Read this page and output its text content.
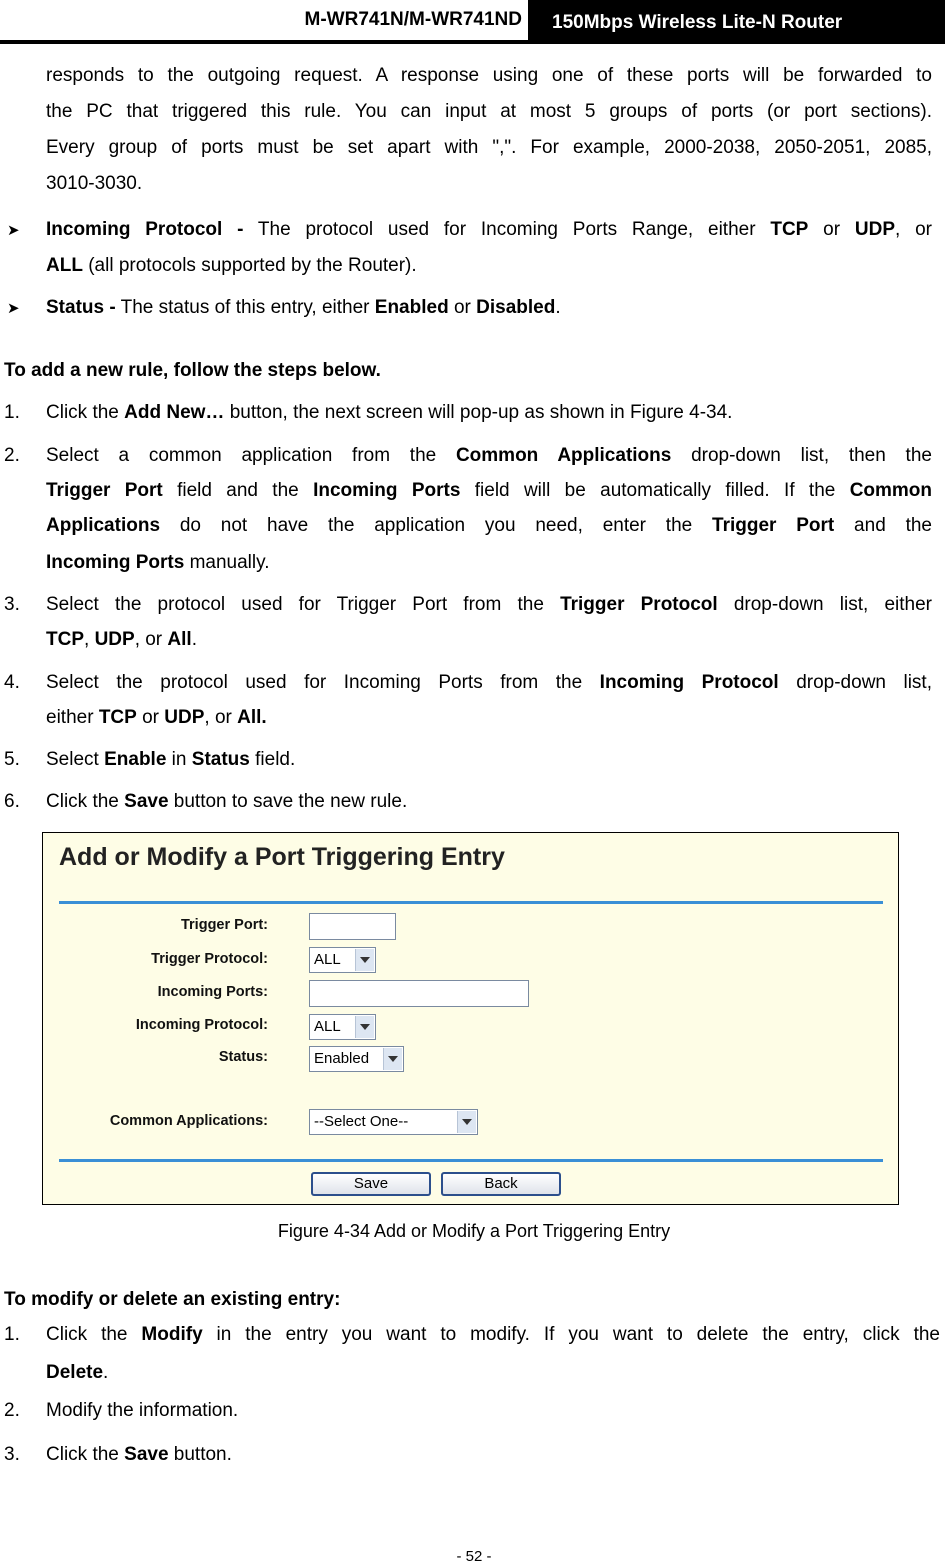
M-WR741N/M-WR741ND 150Mbps Wireless Lite-N Router
responds to the outgoing request. A response using one of these ports will be forwarded to
the PC that triggered this rule. You can input at most 5 groups of ports (or port sections).
Every group of ports must be set apart with ",". For example, 2000-2038, 2050-2051, 2085,
3010-3030.
➤ Incoming Protocol - The protocol used for Incoming Ports Range, either TCP or UDP, or
ALL (all protocols supported by the Router).
➤ Status - The status of this entry, either Enabled or Disabled.
To add a new rule, follow the steps below.
1. Click the Add New… button, the next screen will pop-up as shown in Figure 4-34.
2. Select a common application from the Common Applications drop-down list, then the
Trigger Port field and the Incoming Ports field will be automatically filled. If the Common
Applications do not have the application you need, enter the Trigger Port and the
Incoming Ports manually.
3. Select the protocol used for Trigger Port from the Trigger Protocol drop-down list, either
TCP, UDP, or All.
4. Select the protocol used for Incoming Ports from the Incoming Protocol drop-down list,
either TCP or UDP, or All.
5. Select Enable in Status field.
6. Click the Save button to save the new rule.
Add or Modify a Port Triggering Entry
Trigger Port:
Trigger Protocol:	ALL
Incoming Ports:
Incoming Protocol:	ALL
Status:	Enabled
Common Applications:	--Select One--
Save	Back
Figure 4-34 Add or Modify a Port Triggering Entry
To modify or delete an existing entry:
1. Click the Modify in the entry you want to modify. If you want to delete the entry, click the
Delete.
2. Modify the information.
3. Click the Save button.
- 52 -
